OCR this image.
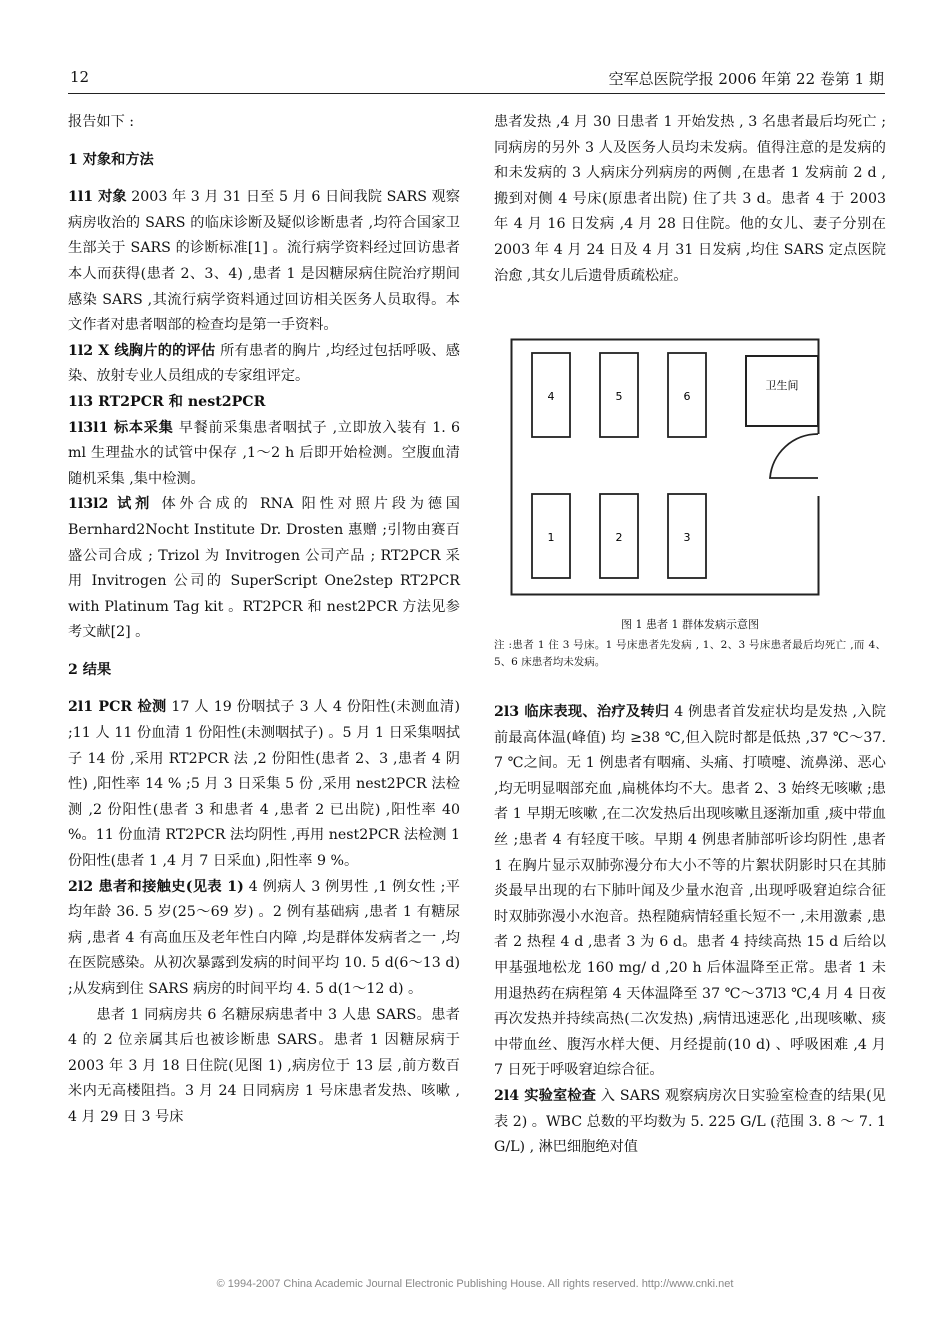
12	空军总医院学报 2006 年第 22 卷第 1 期

报告如下 :

1 对象和方法

1l1 对象 2003 年 3 月 31 日至 5 月 6 日间我院 SARS 观察病房收治的 SARS 的临床诊断及疑似诊断患者 ,均符合国家卫生部关于 SARS 的诊断标准[1] 。流行病学资料经过回访患者本人而获得(患者 2、3、4) ,患者 1 是因糖尿病住院治疗期间感染 SARS ,其流行病学资料通过回访相关医务人员取得。本文作者对患者咽部的检查均是第一手资料。

1l2 X 线胸片的的评估 所有患者的胸片 ,均经过包括呼吸、感染、放射专业人员组成的专家组评定。

1l3 RT2PCR 和 nest2PCR

1l3l1 标本采集 早餐前采集患者咽拭子 ,立即放入装有 1. 6 ml 生理盐水的试管中保存 ,1～2 h 后即开始检测。空腹血清随机采集 ,集中检测。

1l3l2 试剂 体外合成的 RNA 阳性对照片段为德国 Bernhard2Nocht Institute Dr. Drosten 惠赠 ;引物由赛百盛公司合成 ; Trizol 为 Invitrogen 公司产品 ; RT2PCR 采用 Invitrogen 公司的 SuperScript One2step RT2PCR with Platinum Tag kit 。RT2PCR 和 nest2PCR 方法见参考文献[2] 。

2 结果

2l1 PCR 检测 17 人 19 份咽拭子 3 人 4 份阳性(未测血清) ;11 人 11 份血清 1 份阳性(未测咽拭子) 。5 月 1 日采集咽拭子 14 份 ,采用 RT2PCR 法 ,2 份阳性(患者 2、3 ,患者 4 阴性) ,阳性率 14 % ;5 月 3 日采集 5 份 ,采用 nest2PCR 法检测 ,2 份阳性(患者 3 和患者 4 ,患者 2 已出院) ,阳性率 40 %。11 份血清 RT2PCR 法均阴性 ,再用 nest2PCR 法检测 1 份阳性(患者 1 ,4 月 7 日采血) ,阳性率 9 %。

2l2 患者和接触史(见表 1) 4 例病人 3 例男性 ,1 例女性 ;平均年龄 36. 5 岁(25～69 岁) 。2 例有基础病 ,患者 1 有糖尿病 ,患者 4 有高血压及老年性白内障 ,均是群体发病者之一 ,均在医院感染。从初次暴露到发病的时间平均 10. 5 d(6～13 d) ;从发病到住 SARS 病房的时间平均 4. 5 d(1～12 d) 。

患者 1 同病房共 6 名糖尿病患者中 3 人患 SARS。患者 4 的 2 位亲属其后也被诊断患 SARS。患者 1 因糖尿病于 2003 年 3 月 18 日住院(见图 1) ,病房位于 13 层 ,前方数百米内无高楼阻挡。3 月 24 日同病房 1 号床患者发热、咳嗽 , 4 月 29 日 3 号床

患者发热 ,4 月 30 日患者 1 开始发热 , 3 名患者最后均死亡 ;同病房的另外 3 人及医务人员均未发病。值得注意的是发病的和未发病的 3 人病床分列病房的两侧 ,在患者 1 发病前 2 d ,搬到对侧 4 号床(原患者出院) 住了共 3 d。患者 4 于 2003 年 4 月 16 日发病 ,4 月 28 日住院。他的女儿、妻子分别在 2003 年 4 月 24 日及 4 月 31 日发病 ,均住 SARS 定点医院治愈 ,其女儿后遗骨质疏松症。

4	5	6
1	2	3
卫生间
图 1 患者 1 群体发病示意图
注 :患者 1 住 3 号床。1 号床患者先发病 , 1、2、3 号床患者最后均死亡 ,而 4、5、6 床患者均未发病。

2l3 临床表现、治疗及转归 4 例患者首发症状均是发热 ,入院前最高体温(峰值) 均 ≥38 ℃,但入院时都是低热 ,37 ℃～37. 7 ℃之间。无 1 例患者有咽痛、头痛、打喷嚏、流鼻涕、恶心 ,均无明显咽部充血 ,扁桃体均不大。患者 2、3 始终无咳嗽 ;患者 1 早期无咳嗽 ,在二次发热后出现咳嗽且逐渐加重 ,痰中带血丝 ;患者 4 有轻度干咳。早期 4 例患者肺部听诊均阴性 ,患者 1 在胸片显示双肺弥漫分布大小不等的片絮状阴影时只在其肺炎最早出现的右下肺叶闻及少量水泡音 ,出现呼吸窘迫综合征时双肺弥漫小水泡音。热程随病情轻重长短不一 ,未用激素 ,患者 2 热程 4 d ,患者 3 为 6 d。患者 4 持续高热 15 d 后给以甲基强地松龙 160 mg/ d ,20 h 后体温降至正常。患者 1 未用退热药在病程第 4 天体温降至 37 ℃～37l3 ℃,4 月 4 日夜再次发热并持续高热(二次发热) ,病情迅速恶化 ,出现咳嗽、痰中带血丝、腹泻水样大便、月经提前(10 d) 、呼吸困难 ,4 月 7 日死于呼吸窘迫综合征。

2l4 实验室检查 入 SARS 观察病房次日实验室检查的结果(见表 2) 。WBC 总数的平均数为 5. 225 G/L (范围 3. 8 ～ 7. 1 G/L) , 淋巴细胞绝对值

© 1994-2007 China Academic Journal Electronic Publishing House. All rights reserved. http://www.cnki.net
